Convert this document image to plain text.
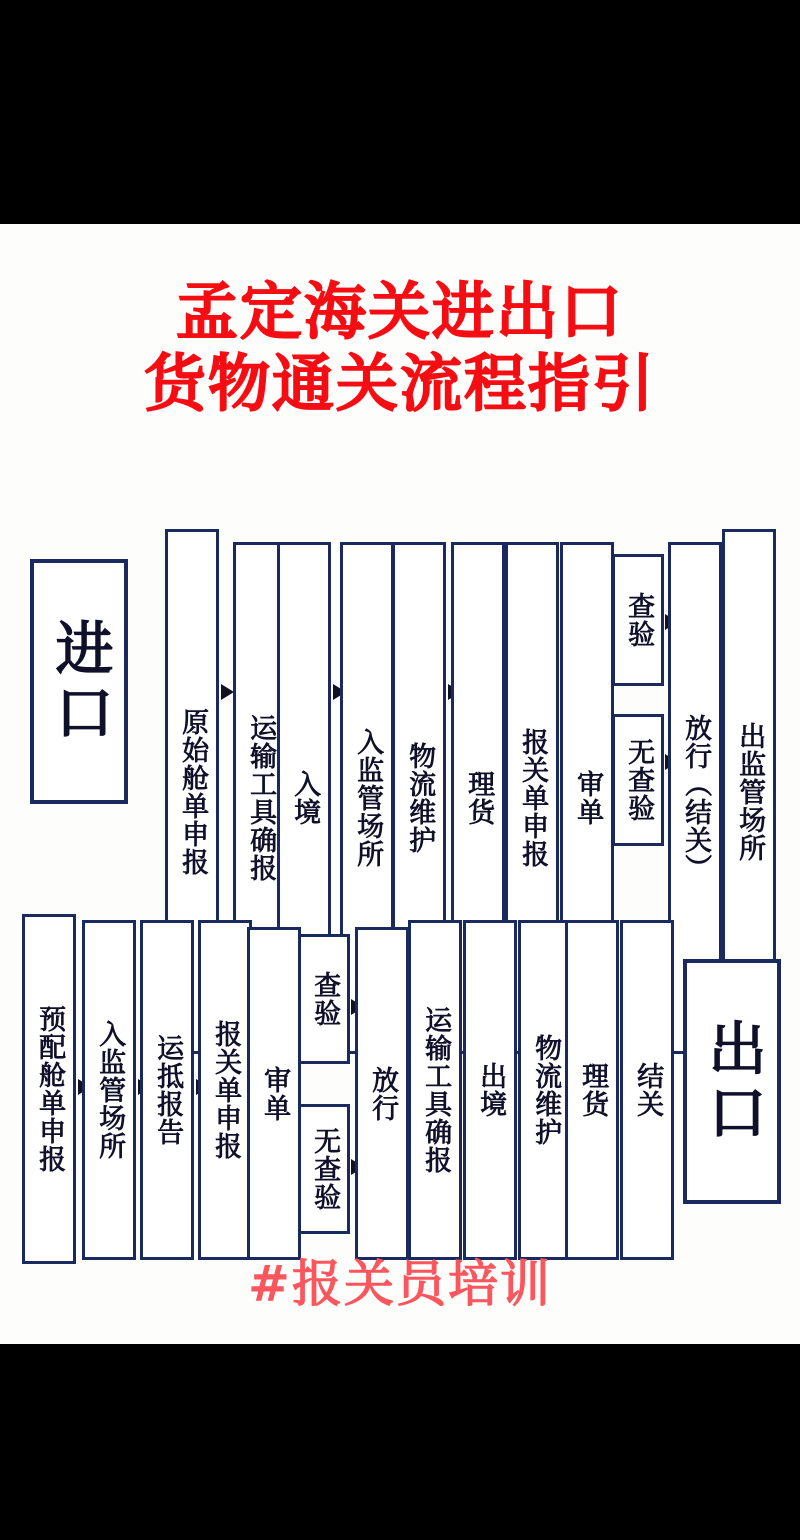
孟定海关进出口
货物通关流程指引
进口
原始舱单申报 运输工具确报 入境 入监管场所 物流维护 理货 报关单申报 审单
查验
无查验 放行（结关） 出监管场所
预配舱单申报 入监管场所 运抵报告 报关单申报 审单
查验
无查验
放行 运输工具确报 出境 物流维护 理货 结关 出口
#报关员培训
